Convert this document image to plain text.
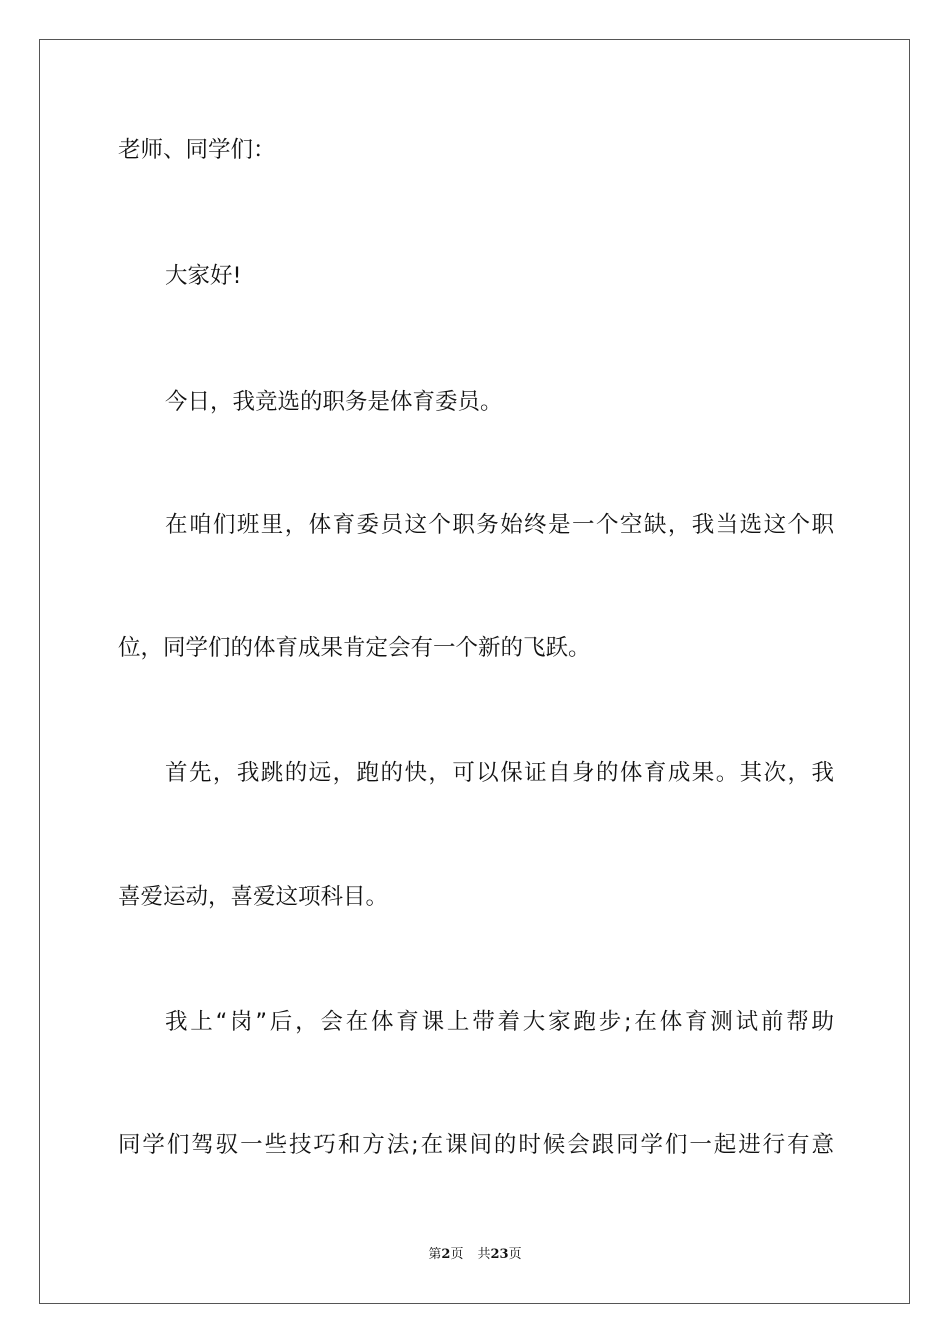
老师、同学们：
大家好!
今日，我竞选的职务是体育委员。
在咱们班里，体育委员这个职务始终是一个空缺，我当选这个职
位，同学们的体育成果肯定会有一个新的飞跃。
首先，我跳的远，跑的快，可以保证自身的体育成果。其次，我
喜爱运动，喜爱这项科目。
我上“岗”后，会在体育课上带着大家跑步;在体育测试前帮助
同学们驾驭一些技巧和方法;在课间的时候会跟同学们一起进行有意
第2页 共23页
